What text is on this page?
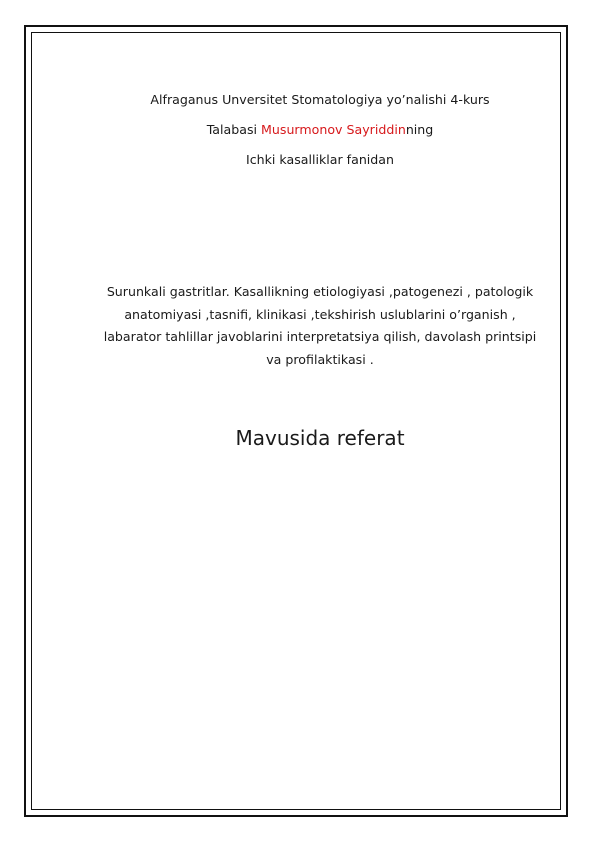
Alfraganus Unversitet Stomatologiya yo’nalishi 4-kurs
Talabasi Musurmonov Sayriddinning
Ichki kasalliklar fanidan
Surunkali gastritlar. Kasallikning etiologiyasi ,patogenezi , patologik
anatomiyasi ,tasnifi, klinikasi ,tekshirish uslublarini o’rganish ,
labarator tahlillar javoblarini interpretatsiya qilish, davolash printsipi
va profilaktikasi .
Mavusida referat
